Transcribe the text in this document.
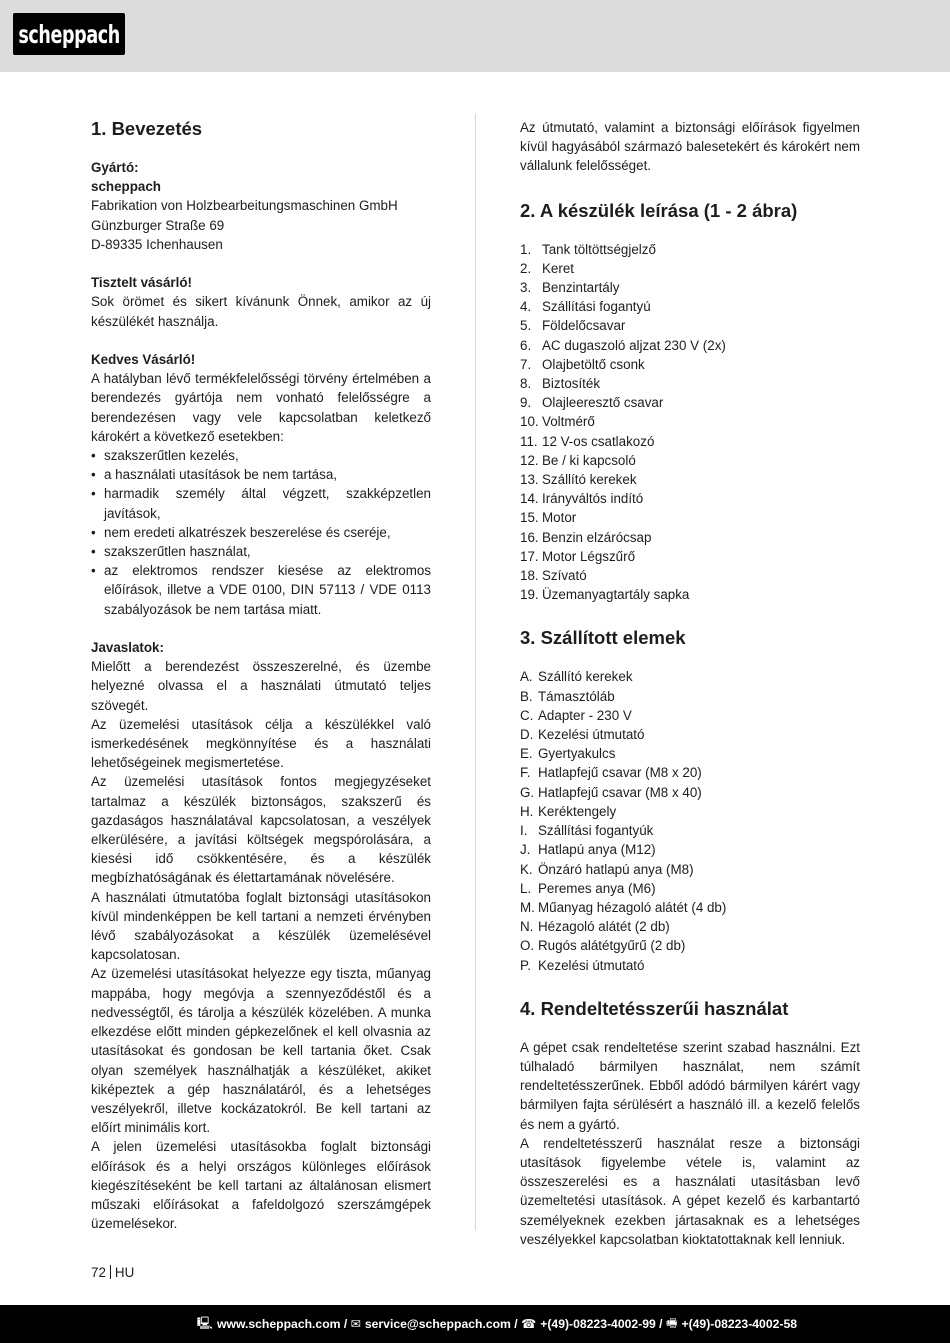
scheppach
1. Bevezetés
Gyártó:
scheppach
Fabrikation von Holzbearbeitungsmaschinen GmbH
Günzburger Straße 69
D-89335 Ichenhausen
Tisztelt vásárló!

Sok örömet és sikert kívánunk Önnek, amikor az új készülékét használja.

Kedves Vásárló!

A hatályban lévő termékfelelősségi törvény értelmében a berendezés gyártója nem vonható felelősségre a berendezésen vagy vele kapcsolatban keletkező károkért a következő esetekben:

• szakszerűtlen kezelés,
• a használati utasítások be nem tartása,
• harmadik személy által végzett, szakképzetlen javítások,
• nem eredeti alkatrészek beszerelése és cseréje,
• szakszerűtlen használat,
• az elektromos rendszer kiesése az elektromos előírások, illetve a VDE 0100, DIN 57113 / VDE 0113 szabályozások be nem tartása miatt.
Javaslatok:

Mielőtt a berendezést összeszerelné, és üzembe helyezné olvassa el a használati útmutató teljes szövegét.

Az üzemelési utasítások célja a készülékkel való ismerkedésének megkönnyítése és a használati lehetőségeinek megismertetése.

Az üzemelési utasítások fontos megjegyzéseket tartalmaz a készülék biztonságos, szakszerű és gazdaságos használatával kapcsolatosan, a veszélyek elkerülésére, a javítási költségek megspórolására, a kiesési idő csökkentésére, és a készülék megbízhatóságának és élettartamának növelésére.

A használati útmutatóba foglalt biztonsági utasításokon kívül mindenképpen be kell tartani a nemzeti érvényben lévő szabályozásokat a készülék üzemelésével kapcsolatosan.

Az üzemelési utasításokat helyezze egy tiszta, műanyag mappába, hogy megóvja a szennyeződéstől és a nedvességtől, és tárolja a készülék közelében. A munka elkezdése előtt minden gépkezelőnek el kell olvasnia az utasításokat és gondosan be kell tartania őket. Csak olyan személyek használhatják a készüléket, akiket kiképeztek a gép használatáról, és a lehetséges veszélyekről, illetve kockázatokról. Be kell tartani az előírt minimális kort.

A jelen üzemelési utasításokba foglalt biztonsági előírások és a helyi országos különleges előírások kiegészítéseként be kell tartani az általánosan elismert műszaki előírásokat a fafeldolgozó szerszámgépek üzemelésekor.

Az útmutató, valamint a biztonsági előírások figyelmen kívül hagyásából származó balesetekért és károkért nem vállalunk felelősséget.

2. A készülék leírása (1 - 2 ábra)
1. Tank töltöttségjelző
2. Keret
3. Benzintartály
4. Szállítási fogantyú
5. Földelőcsavar
6. AC dugaszoló aljzat 230 V (2x)
7. Olajbetöltő csonk
8. Biztosíték
9. Olajleeresztő csavar
10. Voltmérő
11. 12 V-os csatlakozó
12. Be / ki kapcsoló
13. Szállító kerekek
14. Irányváltós indító
15. Motor
16. Benzin elzárócsap
17. Motor Légszűrő
18. Szívató
19. Üzemanyagtartály sapka
3. Szállított elemek
A. Szállító kerekek
B. Támasztóláb
C. Adapter - 230 V
D. Kezelési útmutató
E. Gyertyakulcs
F. Hatlapfejű csavar (M8 x 20)
G. Hatlapfejű csavar (M8 x 40)
H. Keréktengely
I. Szállítási fogantyúk
J. Hatlapú anya (M12)
K. Önzáró hatlapú anya (M8)
L. Peremes anya (M6)
M. Műanyag hézagoló alátét (4 db)
N. Hézagoló alátét (2 db)
O. Rugós alátétgyűrű (2 db)
P. Kezelési útmutató
4. Rendeltetésszerűi használat

A gépet csak rendeltetése szerint szabad használni. Ezt túlhaladó bármilyen használat, nem számít rendeltetésszerűnek. Ebből adódó bármilyen kárért vagy bármilyen fajta sérülésért a használó ill. a kezelő felelős és nem a gyártó.

A rendeltetésszerű használat resze a biztonsági utasítások figyelembe vétele is, valamint az összeszerelési es a használati utasításban levő üzemeltetési utasítások. A gépet kezelő és karbantartó személyeknek ezekben jártasaknak es a lehetséges veszélyekkel kapcsolatban kioktatottaknak kell lenniuk.

72 HU
🖳︎ www.scheppach.com /
✉︎ service@scheppach.com /
☎︎ +(49)-08223-4002-99 /
🖷︎ +(49)-08223-4002-58
